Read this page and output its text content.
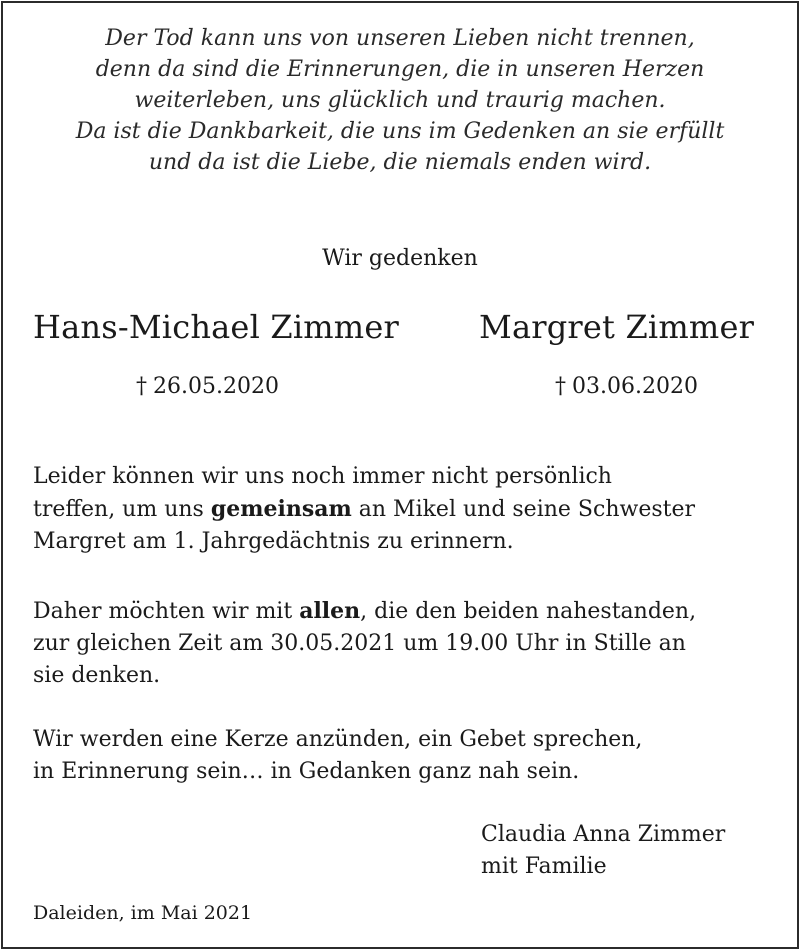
Der Tod kann uns von unseren Lieben nicht trennen,
denn da sind die Erinnerungen, die in unseren Herzen
weiterleben, uns glücklich und traurig machen.
Da ist die Dankbarkeit, die uns im Gedenken an sie erfüllt
und da ist die Liebe, die niemals enden wird.
Wir gedenken
Hans-Michael Zimmer	Margret Zimmer
† 26.05.2020	† 03.06.2020
Leider können wir uns noch immer nicht persönlich
treffen, um uns gemeinsam an Mikel und seine Schwester
Margret am 1. Jahrgedächtnis zu erinnern.
Daher möchten wir mit allen, die den beiden nahestanden,
zur gleichen Zeit am 30.05.2021 um 19.00 Uhr in Stille an
sie denken.
Wir werden eine Kerze anzünden, ein Gebet sprechen,
in Erinnerung sein… in Gedanken ganz nah sein.
Claudia Anna Zimmer
mit Familie
Daleiden, im Mai 2021
